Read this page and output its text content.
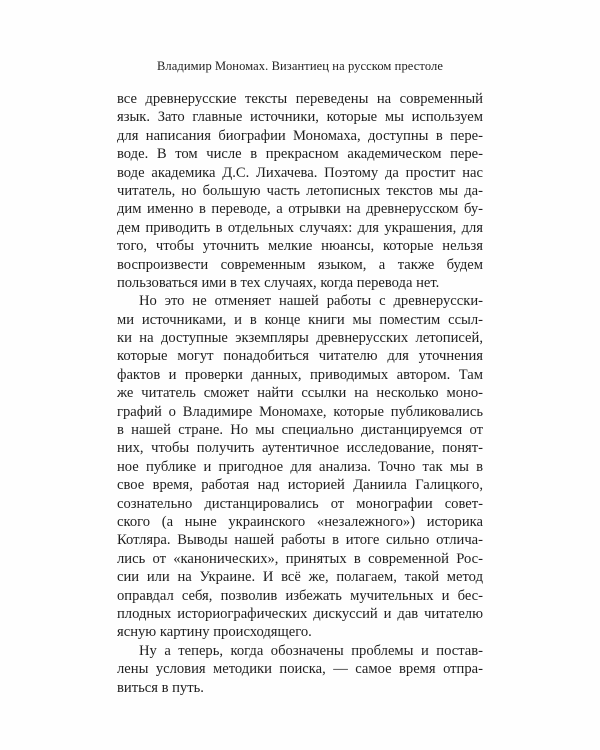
Владимир Мономах. Византиец на русском престоле
все древнерусские тексты переведены на современный
язык. Зато главные источники, которые мы используем
для написания биографии Мономаха, доступны в пере-
воде. В том числе в прекрасном академическом пере-
воде академика Д.С. Лихачева. Поэтому да простит нас
читатель, но большую часть летописных текстов мы да-
дим именно в переводе, а отрывки на древнерусском бу-
дем приводить в отдельных случаях: для украшения, для
того, чтобы уточнить мелкие нюансы, которые нельзя
воспроизвести современным языком, а также будем
пользоваться ими в тех случаях, когда перевода нет.
Но это не отменяет нашей работы с древнерусски-
ми источниками, и в конце книги мы поместим ссыл-
ки на доступные экземпляры древнерусских летописей,
которые могут понадобиться читателю для уточнения
фактов и проверки данных, приводимых автором. Там
же читатель сможет найти ссылки на несколько моно-
графий о Владимире Мономахе, которые публиковались
в нашей стране. Но мы специально дистанцируемся от
них, чтобы получить аутентичное исследование, понят-
ное публике и пригодное для анализа. Точно так мы в
свое время, работая над историей Даниила Галицкого,
сознательно дистанцировались от монографии совет-
ского (а ныне украинского «незалежного») историка
Котляра. Выводы нашей работы в итоге сильно отлича-
лись от «канонических», принятых в современной Рос-
сии или на Украине. И всё же, полагаем, такой метод
оправдал себя, позволив избежать мучительных и бес-
плодных историографических дискуссий и дав читателю
ясную картину происходящего.
Ну а теперь, когда обозначены проблемы и постав-
лены условия методики поиска, — самое время отпра-
виться в путь.
